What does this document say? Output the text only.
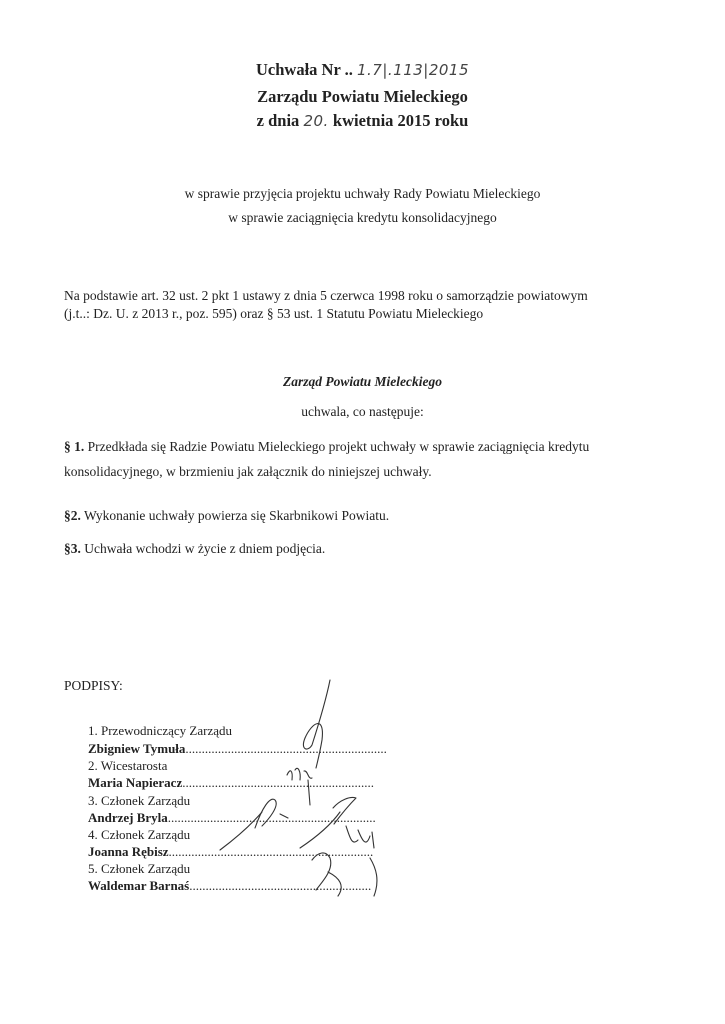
Uchwała Nr .. 1.7|.113|2015
Zarządu Powiatu Mieleckiego
z dnia 20. kwietnia 2015 roku
w sprawie przyjęcia projektu uchwały Rady Powiatu Mieleckiego
w sprawie zaciągnięcia kredytu konsolidacyjnego
Na podstawie art. 32 ust. 2 pkt 1 ustawy z dnia 5 czerwca 1998 roku o samorządzie powiatowym
(j.t..: Dz. U. z 2013 r., poz. 595) oraz § 53 ust. 1 Statutu Powiatu Mieleckiego
Zarząd Powiatu Mieleckiego
uchwala, co następuje:
§ 1. Przedkłada się Radzie Powiatu Mieleckiego projekt uchwały w sprawie zaciągnięcia kredytu
konsolidacyjnego, w brzmieniu jak załącznik do niniejszej uchwały.
§2. Wykonanie uchwały powierza się Skarbnikowi Powiatu.
§3. Uchwała wchodzi w życie z dniem podjęcia.
PODPISY:
1. Przewodniczący Zarządu
Zbigniew Tymuła..............................................................
2. Wicestarosta
Maria Napieracz...........................................................
3. Członek Zarządu
Andrzej Bryla................................................................
4. Członek Zarządu
Joanna Rębisz...............................................................
5. Członek Zarządu
Waldemar Barnaś........................................................
